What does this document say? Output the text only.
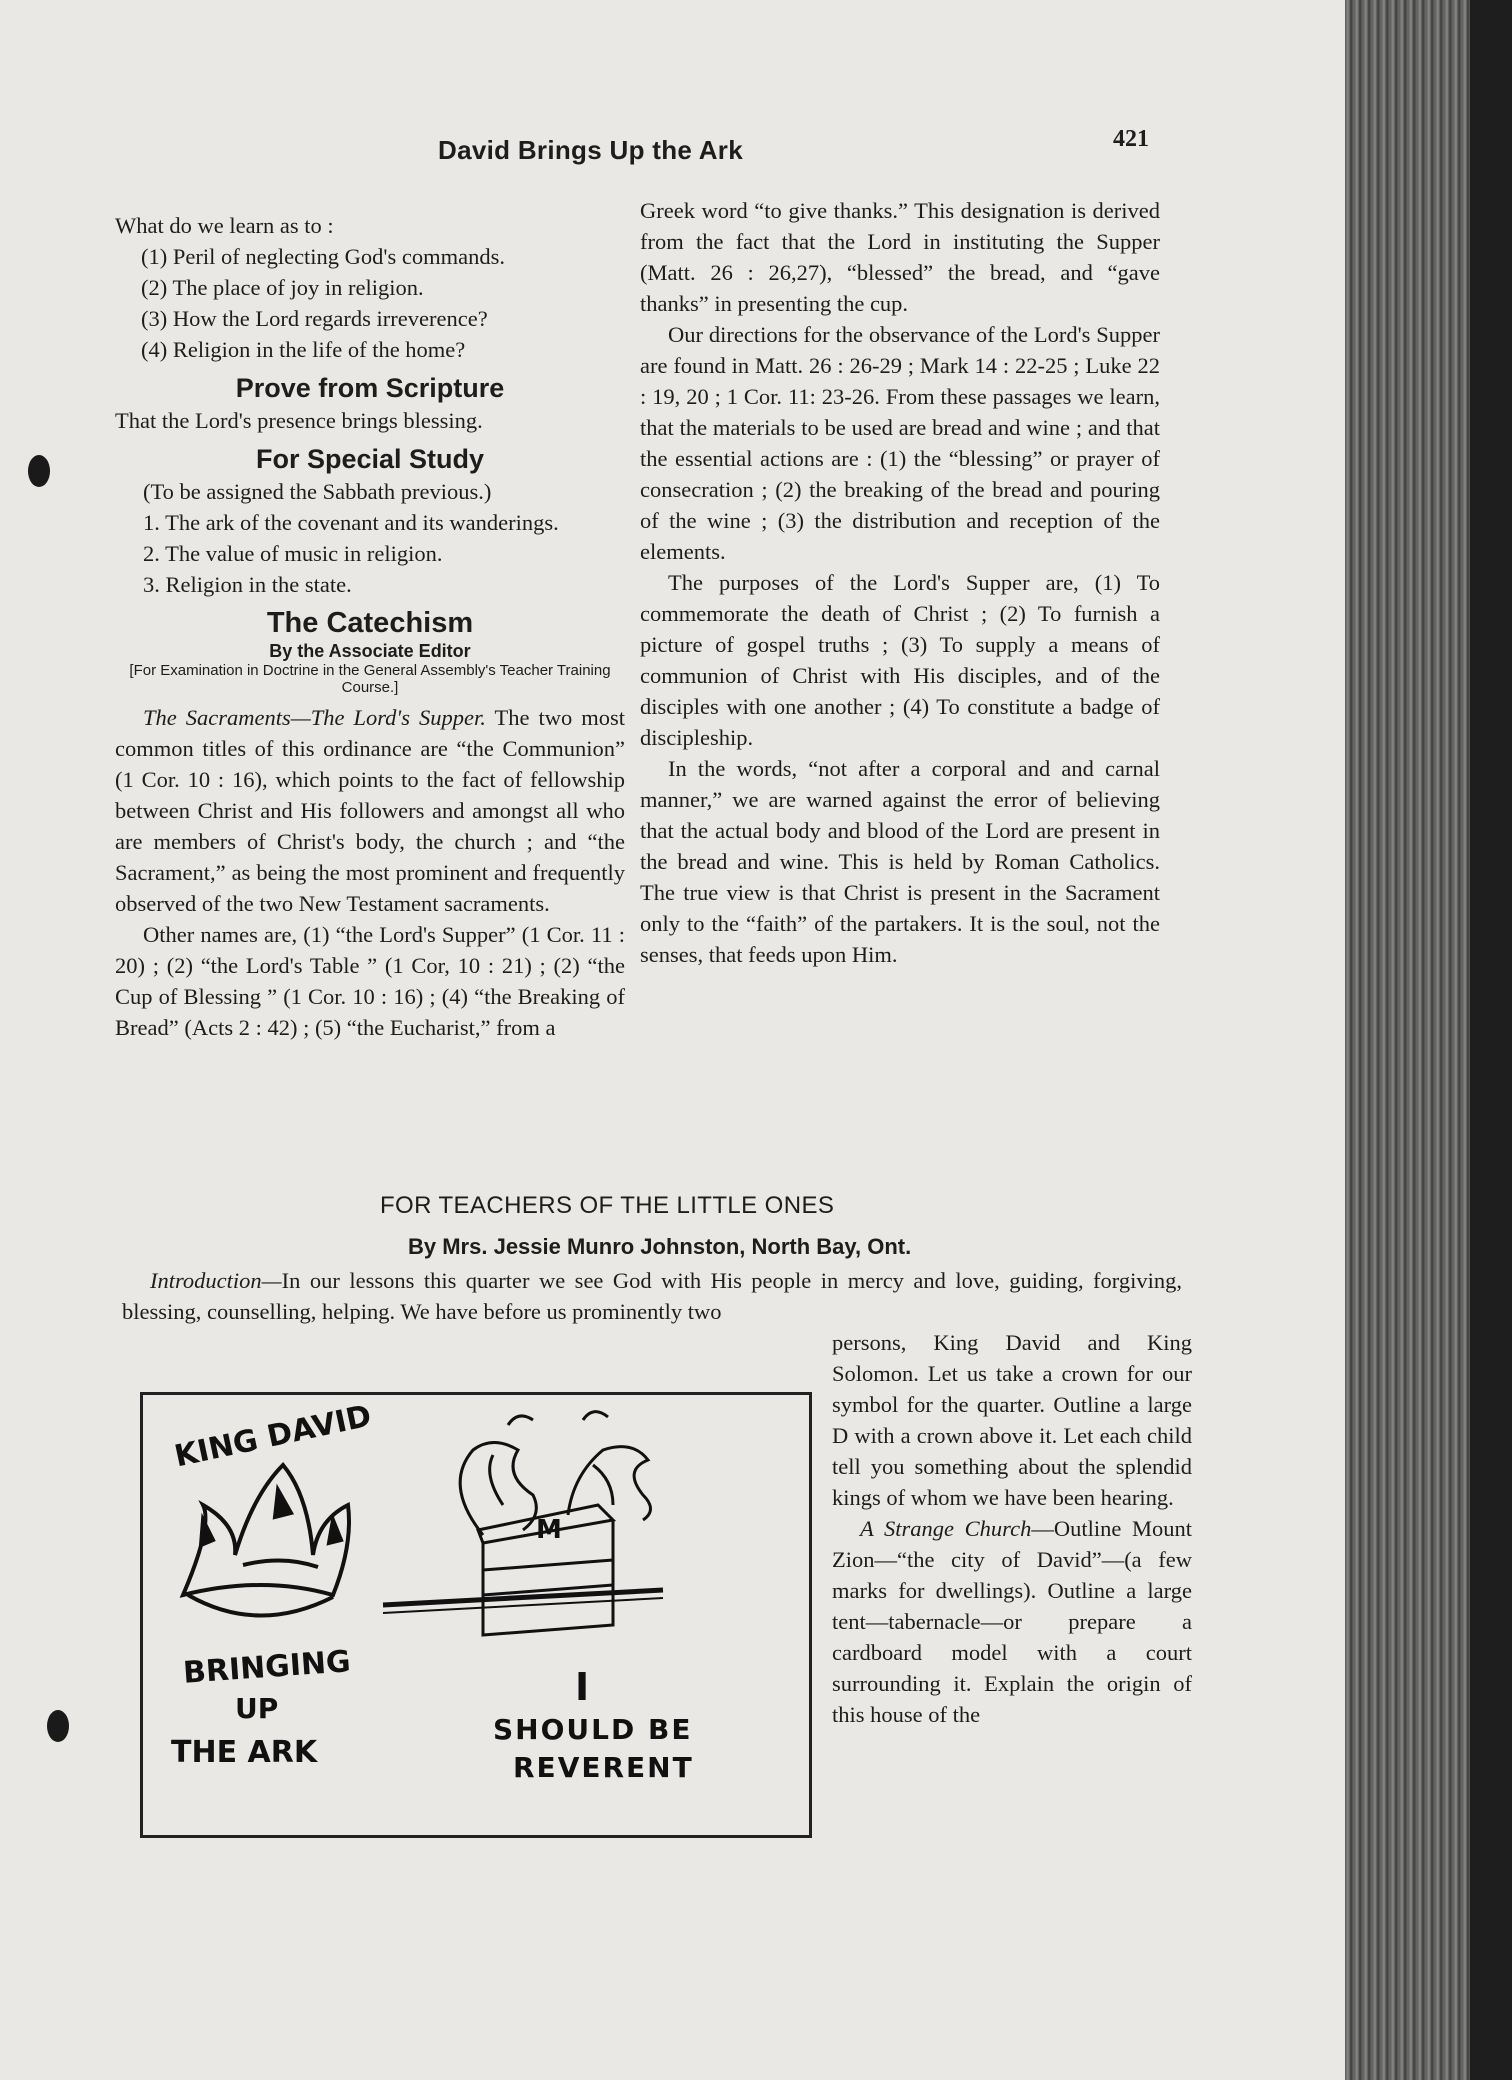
David Brings Up the Ark	421

What do we learn as to :

(1) Peril of neglecting God's commands.
(2) The place of joy in religion.
(3) How the Lord regards irreverence?
(4) Religion in the life of the home?
Prove from Scripture

That the Lord's presence brings blessing.

For Special Study

(To be assigned the Sabbath previous.)

1. The ark of the covenant and its wanderings.

2. The value of music in religion.

3. Religion in the state.

The Catechism
By the Associate Editor
[For Examination in Doctrine in the General Assembly's Teacher Training Course.]

The Sacraments—The Lord's Supper. The two most common titles of this ordinance are “the Communion” (1 Cor. 10 : 16), which points to the fact of fellowship between Christ and His followers and amongst all who are members of Christ's body, the church ; and “the Sacrament,” as being the most prominent and frequently observed of the two New Testament sacraments.

Other names are, (1) “the Lord's Supper” (1 Cor. 11 : 20) ; (2) “the Lord's Table ” (1 Cor, 10 : 21) ; (2) “the Cup of Blessing ” (1 Cor. 10 : 16) ; (4) “the Breaking of Bread” (Acts 2 : 42) ; (5) “the Eucharist,” from a

Greek word “to give thanks.” This designation is derived from the fact that the Lord in instituting the Supper (Matt. 26 : 26,27), “blessed” the bread, and “gave thanks” in presenting the cup.

Our directions for the observance of the Lord's Supper are found in Matt. 26 : 26-29 ; Mark 14 : 22-25 ; Luke 22 : 19, 20 ; 1 Cor. 11: 23-26. From these passages we learn, that the materials to be used are bread and wine ; and that the essential actions are : (1) the “blessing” or prayer of consecration ; (2) the breaking of the bread and pouring of the wine ; (3) the distribution and reception of the elements.

The purposes of the Lord's Supper are, (1) To commemorate the death of Christ ; (2) To furnish a picture of gospel truths ; (3) To supply a means of communion of Christ with His disciples, and of the disciples with one another ; (4) To constitute a badge of discipleship.

In the words, “not after a corporal and and carnal manner,” we are warned against the error of believing that the actual body and blood of the Lord are present in the bread and wine. This is held by Roman Catholics. The true view is that Christ is present in the Sacrament only to the “faith” of the partakers. It is the soul, not the senses, that feeds upon Him.

FOR TEACHERS OF THE LITTLE ONES
By Mrs. Jessie Munro Johnston, North Bay, Ont.
Introduction—In our lessons this quarter we see God with His people in mercy and love, guiding, forgiving, blessing, counselling, helping. We have before us prominently two

persons, King David and King Solomon. Let us take a crown for our symbol for the quarter. Outline a large D with a crown above it. Let each child tell you something about the splendid kings of whom we have been hearing.

A Strange Church—Outline Mount Zion—“the city of David”—(a few marks for dwellings). Outline a large tent—tabernacle—or prepare a cardboard model with a court surrounding it. Explain the origin of this house of the

KING DAVID
BRINGING
UP
THE ARK
M
I
SHOULD BE
REVERENT
